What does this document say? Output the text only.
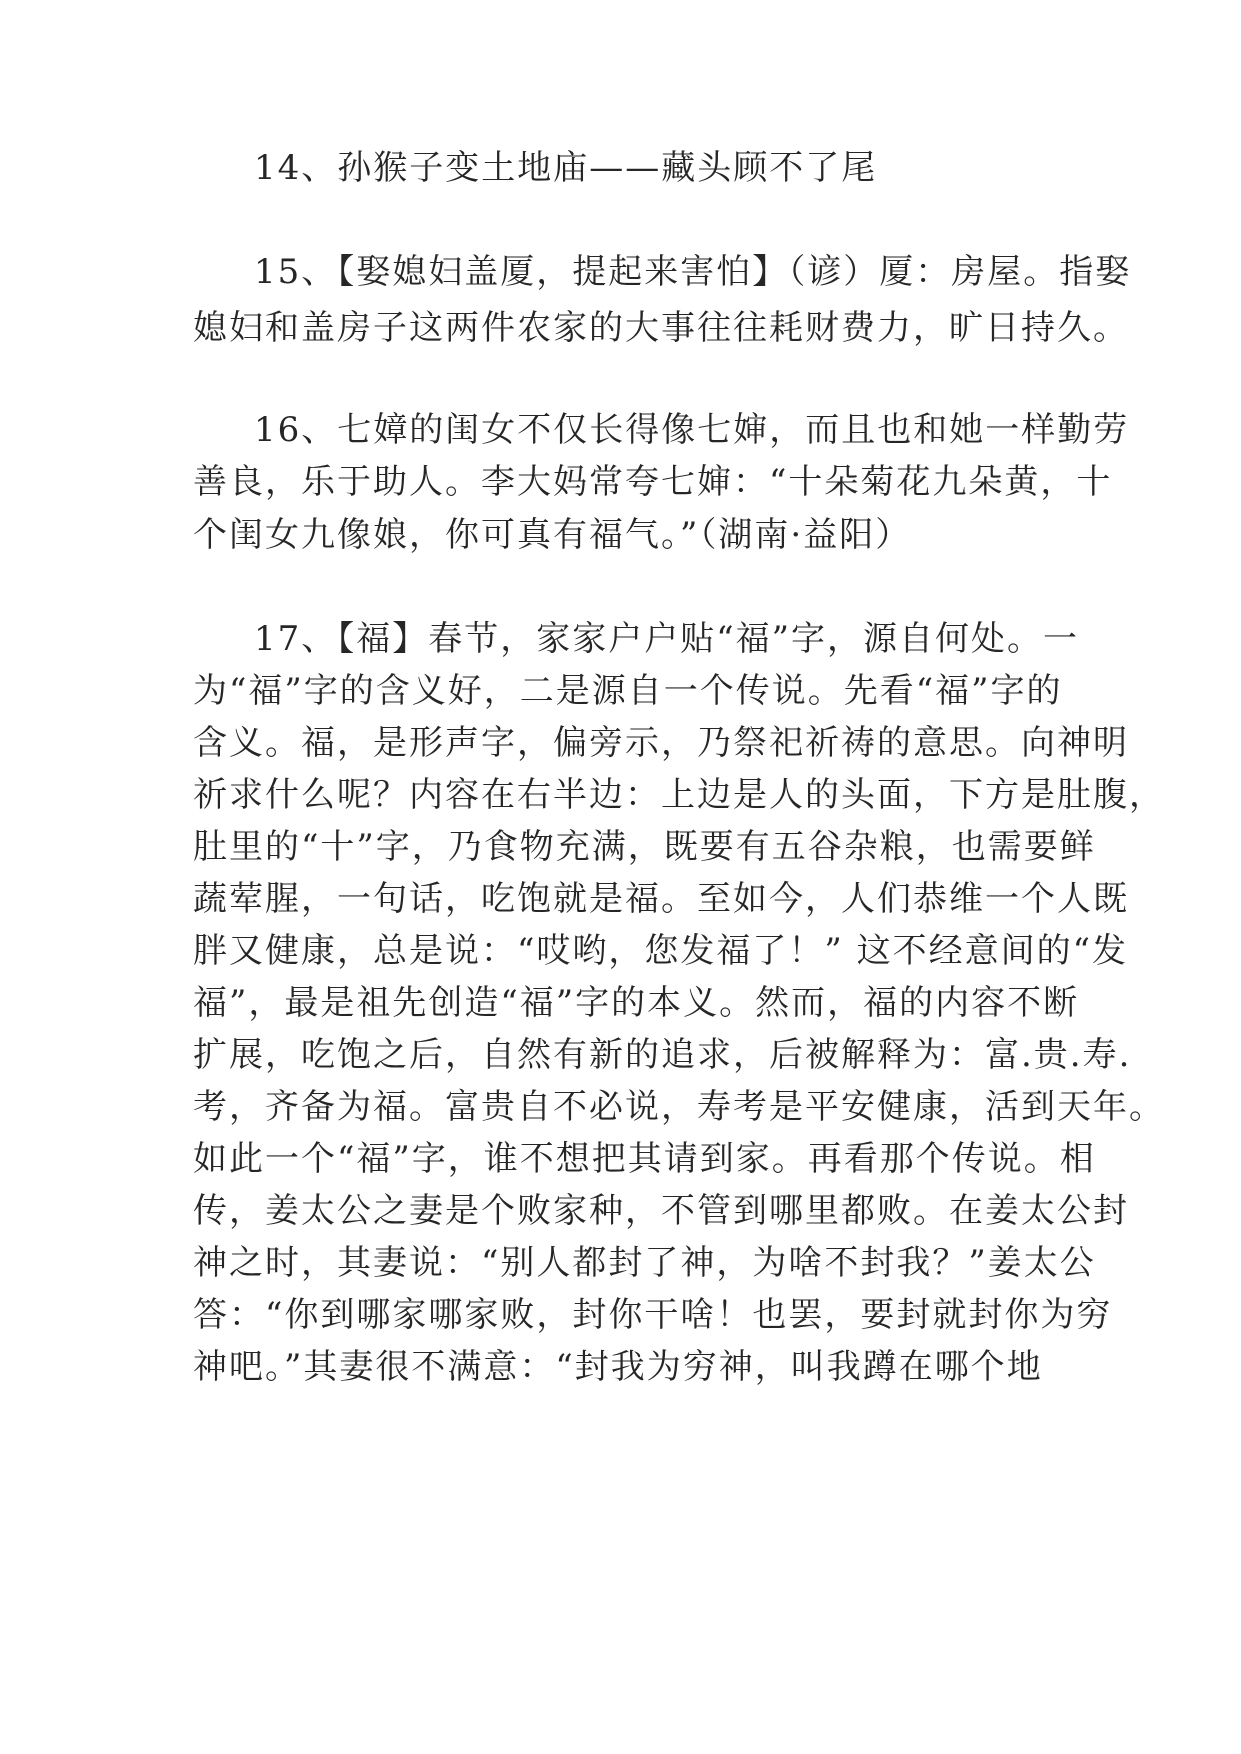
14、孙猴子变土地庙——藏头顾不了尾
15、【娶媳妇盖厦，提起来害怕】（谚）厦：房屋。指娶
媳妇和盖房子这两件农家的大事往往耗财费力，旷日持久。
16、七嫜的闺女不仅长得像七婶，而且也和她一样勤劳
善良，乐于助人。李大妈常夸七婶：“十朵菊花九朵黄，十
个闺女九像娘，你可真有福气。”（湖南·益阳）
17、【福】春节，家家户户贴“福”字，源自何处。一
为“福”字的含义好，二是源自一个传说。先看“福”字的
含义。福，是形声字，偏旁示，乃祭祀祈祷的意思。向神明
祈求什么呢？内容在右半边：上边是人的头面，下方是肚腹，
肚里的“十”字，乃食物充满，既要有五谷杂粮，也需要鲜
蔬荤腥，一句话，吃饱就是福。至如今，人们恭维一个人既
胖又健康，总是说：“哎哟，您发福了！” 这不经意间的“发
福”，最是祖先创造“福”字的本义。然而，福的内容不断
扩展，吃饱之后，自然有新的追求，后被解释为：富.贵.寿.
考，齐备为福。富贵自不必说，寿考是平安健康，活到天年。
如此一个“福”字，谁不想把其请到家。再看那个传说。相
传，姜太公之妻是个败家种，不管到哪里都败。在姜太公封
神之时，其妻说：“别人都封了神，为啥不封我？”姜太公
答：“你到哪家哪家败，封你干啥！也罢，要封就封你为穷
神吧。”其妻很不满意：“封我为穷神，叫我蹲在哪个地
